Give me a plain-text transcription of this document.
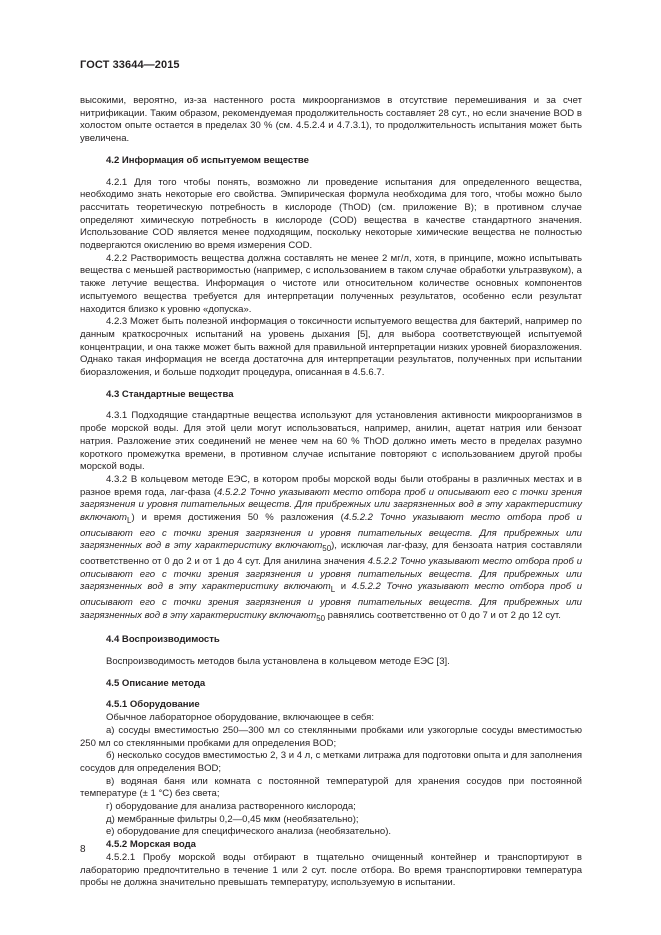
ГОСТ 33644—2015

высокими, вероятно, из-за настенного роста микроорганизмов в отсутствие перемешивания и за счет нитрификации. Таким образом, рекомендуемая продолжительность составляет 28 сут., но если значение BOD в холостом опыте остается в пределах 30 % (см. 4.5.2.4 и 4.7.3.1), то продолжительность испытания может быть увеличена.

4.2 Информация об испытуемом веществе

4.2.1 Для того чтобы понять, возможно ли проведение испытания для определенного вещества, необходимо знать некоторые его свойства. Эмпирическая формула необходима для того, чтобы можно было рассчитать теоретическую потребность в кислороде (ThOD) (см. приложение В); в противном случае определяют химическую потребность в кислороде (COD) вещества в качестве стандартного значения. Использование COD является менее подходящим, поскольку некоторые химические вещества не полностью подвергаются окислению во время измерения COD.

4.2.2 Растворимость вещества должна составлять не менее 2 мг/л, хотя, в принципе, можно испытывать вещества с меньшей растворимостью (например, с использованием в таком случае обработки ультразвуком), а также летучие вещества. Информация о чистоте или относительном количестве основных компонентов испытуемого вещества требуется для интерпретации полученных результатов, особенно если результат находится близко к уровню «допуска».

4.2.3 Может быть полезной информация о токсичности испытуемого вещества для бактерий, например по данным краткосрочных испытаний на уровень дыхания [5], для выбора соответствующей испытуемой концентрации, и она также может быть важной для правильной интерпретации низких уровней биоразложения. Однако такая информация не всегда достаточна для интерпретации результатов, полученных при испытании биоразложения, и больше подходит процедура, описанная в 4.5.6.7.

4.3 Стандартные вещества

4.3.1 Подходящие стандартные вещества используют для установления активности микроорганизмов в пробе морской воды. Для этой цели могут использоваться, например, анилин, ацетат натрия или бензоат натрия. Разложение этих соединений не менее чем на 60 % ThOD должно иметь место в пределах разумно короткого промежутка времени, в противном случае испытание повторяют с использованием другой пробы морской воды.

4.3.2 В кольцевом методе ЕЭС, в котором пробы морской воды были отобраны в различных местах и в разное время года, лаг-фаза (4.5.2.2 Точно указывают место отбора проб и описывают его с точки зрения загрязнения и уровня питательных веществ. Для прибрежных или загрязненных вод в эту характеристику включают$_L$) и время достижения 50 % разложения (4.5.2.2 Точно указывают место отбора проб и описывают его с точки зрения загрязнения и уровня питательных веществ. Для прибрежных или загрязненных вод в эту характеристику включают$_{50}$), исключая лаг-фазу, для бензоата натрия составляли соответственно от 0 до 2 и от 1 до 4 сут. Для анилина значения 4.5.2.2 Точно указывают место отбора проб и описывают его с точки зрения загрязнения и уровня питательных веществ. Для прибрежных или загрязненных вод в эту характеристику включают$_L$ и 4.5.2.2 Точно указывают место отбора проб и описывают его с точки зрения загрязнения и уровня питательных веществ. Для прибрежных или загрязненных вод в эту характеристику включают$_{50}$ равнялись соответственно от 0 до 7 и от 2 до 12 сут.

4.4 Воспроизводимость

Воспроизводимость методов была установлена в кольцевом методе ЕЭС [3].

4.5 Описание метода
4.5.1 Оборудование

Обычное лабораторное оборудование, включающее в себя:

а) сосуды вместимостью 250—300 мл со стеклянными пробками или узкогорлые сосуды вместимостью 250 мл со стеклянными пробками для определения BOD;

б) несколько сосудов вместимостью 2, 3 и 4 л, с метками литража для подготовки опыта и для заполнения сосудов для определения BOD;

в) водяная баня или комната с постоянной температурой для хранения сосудов при постоянной температуре (± 1 °C) без света;

г) оборудование для анализа растворенного кислорода;

д) мембранные фильтры 0,2—0,45 мкм (необязательно);

е) оборудование для специфического анализа (необязательно).

4.5.2 Морская вода

4.5.2.1 Пробу морской воды отбирают в тщательно очищенный контейнер и транспортируют в лабораторию предпочтительно в течение 1 или 2 сут. после отбора. Во время транспортировки температура пробы не должна значительно превышать температуру, используемую в испытании.

8
